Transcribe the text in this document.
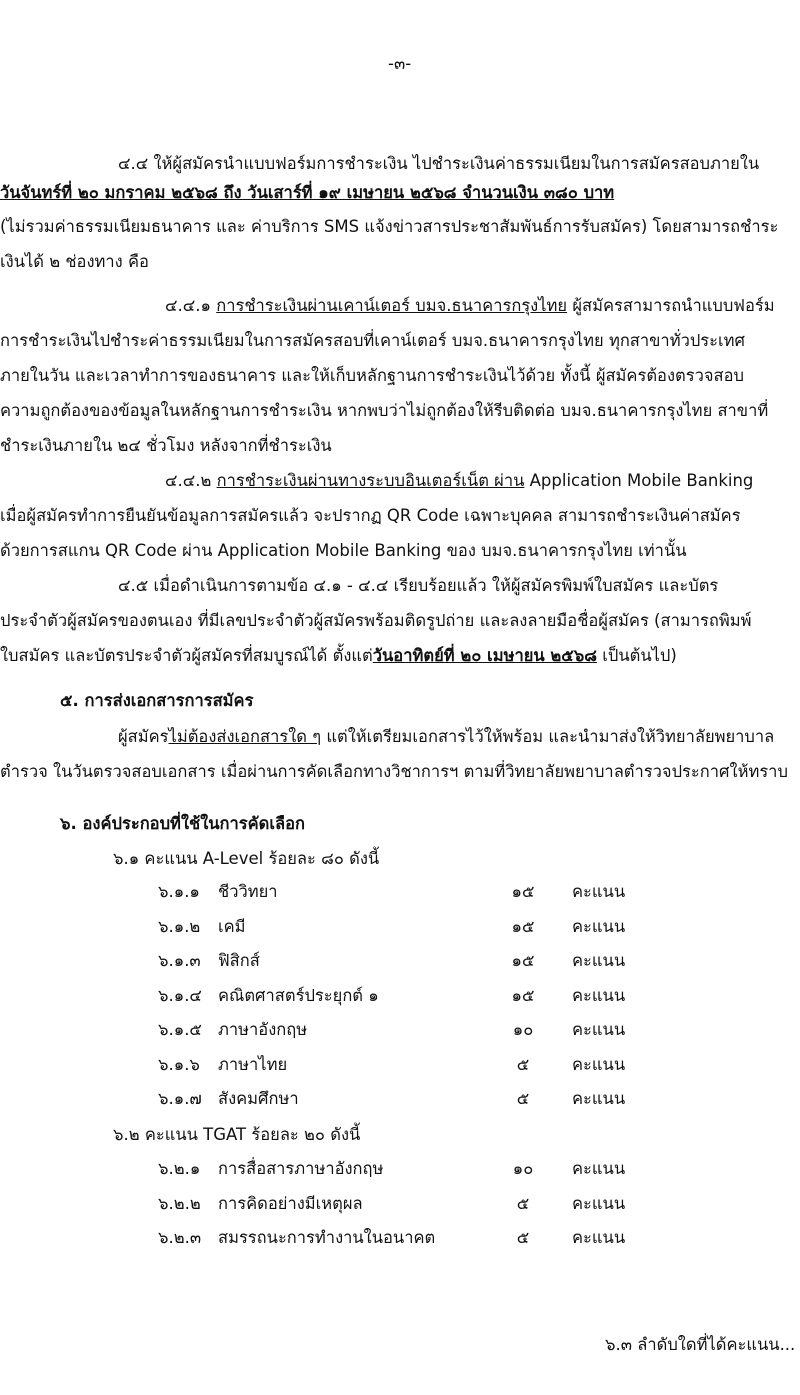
-๓-
๔.๔ ให้ผู้สมัครนำแบบฟอร์มการชำระเงิน ไปชำระเงินค่าธรรมเนียมในการสมัครสอบภายใน
วันจันทร์ที่ ๒๐ มกราคม ๒๕๖๘ ถึง วันเสาร์ที่ ๑๙ เมษายน ๒๕๖๘ จำนวนเงิน ๓๘๐ บาท
(ไม่รวมค่าธรรมเนียมธนาคาร และ ค่าบริการ SMS แจ้งข่าวสารประชาสัมพันธ์การรับสมัคร) โดยสามารถชำระ
เงินได้ ๒ ช่องทาง คือ
๔.๔.๑ การชำระเงินผ่านเคาน์เตอร์ บมจ.ธนาคารกรุงไทย ผู้สมัครสามารถนำแบบฟอร์ม
การชำระเงินไปชำระค่าธรรมเนียมในการสมัครสอบที่เคาน์เตอร์ บมจ.ธนาคารกรุงไทย ทุกสาขาทั่วประเทศ
ภายในวัน และเวลาทำการของธนาคาร และให้เก็บหลักฐานการชำระเงินไว้ด้วย ทั้งนี้ ผู้สมัครต้องตรวจสอบ
ความถูกต้องของข้อมูลในหลักฐานการชำระเงิน หากพบว่าไม่ถูกต้องให้รีบติดต่อ บมจ.ธนาคารกรุงไทย สาขาที่
ชำระเงินภายใน ๒๔ ชั่วโมง หลังจากที่ชำระเงิน
๔.๔.๒ การชำระเงินผ่านทางระบบอินเตอร์เน็ต ผ่าน Application Mobile Banking
เมื่อผู้สมัครทำการยืนยันข้อมูลการสมัครแล้ว จะปรากฏ QR Code เฉพาะบุคคล สามารถชำระเงินค่าสมัคร
ด้วยการสแกน QR Code ผ่าน Application Mobile Banking ของ บมจ.ธนาคารกรุงไทย เท่านั้น
๔.๕ เมื่อดำเนินการตามข้อ ๔.๑ - ๔.๔ เรียบร้อยแล้ว ให้ผู้สมัครพิมพ์ใบสมัคร และบัตร
ประจำตัวผู้สมัครของตนเอง ที่มีเลขประจำตัวผู้สมัครพร้อมติดรูปถ่าย และลงลายมือชื่อผู้สมัคร (สามารถพิมพ์
ใบสมัคร และบัตรประจำตัวผู้สมัครที่สมบูรณ์ได้ ตั้งแต่วันอาทิตย์ที่ ๒๐ เมษายน ๒๕๖๘ เป็นต้นไป)
๕. การส่งเอกสารการสมัคร
ผู้สมัครไม่ต้องส่งเอกสารใด ๆ แต่ให้เตรียมเอกสารไว้ให้พร้อม และนำมาส่งให้วิทยาลัยพยาบาล
ตำรวจ ในวันตรวจสอบเอกสาร เมื่อผ่านการคัดเลือกทางวิชาการฯ ตามที่วิทยาลัยพยาบาลตำรวจประกาศให้ทราบ
๖. องค์ประกอบที่ใช้ในการคัดเลือก
๖.๑ คะแนน A-Level ร้อยละ ๘๐ ดังนี้
๖.๑.๑ ชีววิทยา	๑๕	คะแนน
๖.๑.๒ เคมี	๑๕	คะแนน
๖.๑.๓ ฟิสิกส์	๑๕	คะแนน
๖.๑.๔ คณิตศาสตร์ประยุกต์ ๑	๑๕	คะแนน
๖.๑.๕ ภาษาอังกฤษ	๑๐	คะแนน
๖.๑.๖ ภาษาไทย	๕	คะแนน
๖.๑.๗ สังคมศึกษา	๕	คะแนน
๖.๒ คะแนน TGAT ร้อยละ ๒๐ ดังนี้
๖.๒.๑ การสื่อสารภาษาอังกฤษ	๑๐	คะแนน
๖.๒.๒ การคิดอย่างมีเหตุผล	๕	คะแนน
๖.๒.๓ สมรรถนะการทำงานในอนาคต	๕	คะแนน
๖.๓ ลำดับใดที่ได้คะแนน...
